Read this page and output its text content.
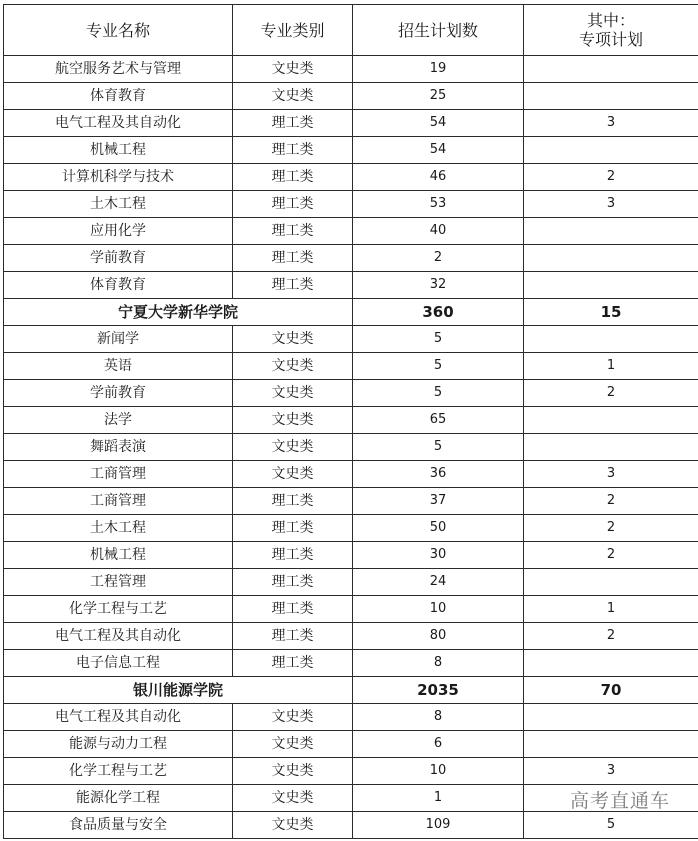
专业名称	专业类别	招生计划数	其中：
专项计划

航空服务艺术与管理	文史类	19	
体育教育	文史类	25	
电气工程及其自动化	理工类	54	3
机械工程	理工类	54	
计算机科学与技术	理工类	46	2
土木工程	理工类	53	3
应用化学	理工类	40	
学前教育	理工类	2	
体育教育	理工类	32	
宁夏大学新华学院		360	15
新闻学	文史类	5	
英语	文史类	5	1
学前教育	文史类	5	2
法学	文史类	65	
舞蹈表演	文史类	5	
工商管理	文史类	36	3
工商管理	理工类	37	2
土木工程	理工类	50	2
机械工程	理工类	30	2
工程管理	理工类	24	
化学工程与工艺	理工类	10	1
电气工程及其自动化	理工类	80	2
电子信息工程	理工类	8	
银川能源学院		2035	70
电气工程及其自动化	文史类	8	
能源与动力工程	文史类	6	
化学工程与工艺	文史类	10	3
能源化学工程	文史类	1	
食品质量与安全	文史类	109	5
高考直通车
